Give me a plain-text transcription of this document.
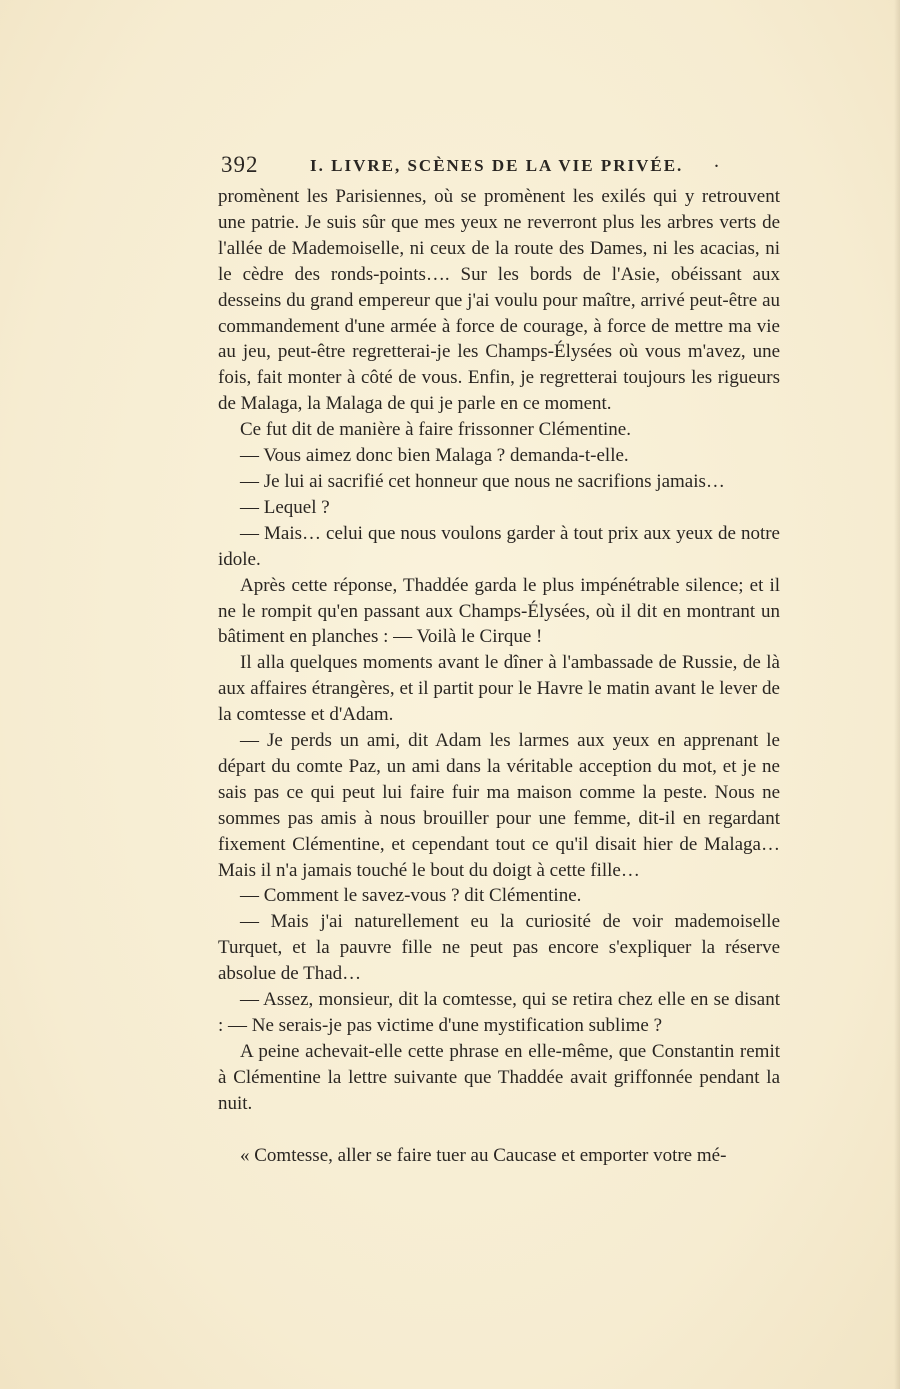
392	I. LIVRE, SCÈNES DE LA VIE PRIVÉE. .

promènent les Parisiennes, où se promènent les exilés qui y retrouvent une patrie. Je suis sûr que mes yeux ne reverront plus les arbres verts de l'allée de Mademoiselle, ni ceux de la route des Dames, ni les acacias, ni le cèdre des ronds-points…. Sur les bords de l'Asie, obéissant aux desseins du grand empereur que j'ai voulu pour maître, arrivé peut-être au commandement d'une armée à force de courage, à force de mettre ma vie au jeu, peut-être regretterai-je les Champs-Élysées où vous m'avez, une fois, fait monter à côté de vous. Enfin, je regretterai toujours les rigueurs de Malaga, la Malaga de qui je parle en ce moment.

Ce fut dit de manière à faire frissonner Clémentine.

— Vous aimez donc bien Malaga ? demanda-t-elle.

— Je lui ai sacrifié cet honneur que nous ne sacrifions jamais…

— Lequel ?

— Mais… celui que nous voulons garder à tout prix aux yeux de notre idole.

Après cette réponse, Thaddée garda le plus impénétrable silence; et il ne le rompit qu'en passant aux Champs-Élysées, où il dit en montrant un bâtiment en planches : — Voilà le Cirque !

Il alla quelques moments avant le dîner à l'ambassade de Russie, de là aux affaires étrangères, et il partit pour le Havre le matin avant le lever de la comtesse et d'Adam.

— Je perds un ami, dit Adam les larmes aux yeux en apprenant le départ du comte Paz, un ami dans la véritable acception du mot, et je ne sais pas ce qui peut lui faire fuir ma maison comme la peste. Nous ne sommes pas amis à nous brouiller pour une femme, dit-il en regardant fixement Clémentine, et cependant tout ce qu'il disait hier de Malaga… Mais il n'a jamais touché le bout du doigt à cette fille…

— Comment le savez-vous ? dit Clémentine.

— Mais j'ai naturellement eu la curiosité de voir mademoiselle Turquet, et la pauvre fille ne peut pas encore s'expliquer la réserve absolue de Thad…

— Assez, monsieur, dit la comtesse, qui se retira chez elle en se disant : — Ne serais-je pas victime d'une mystification sublime ?

A peine achevait-elle cette phrase en elle-même, que Constantin remit à Clémentine la lettre suivante que Thaddée avait griffonnée pendant la nuit.

« Comtesse, aller se faire tuer au Caucase et emporter votre mé-
